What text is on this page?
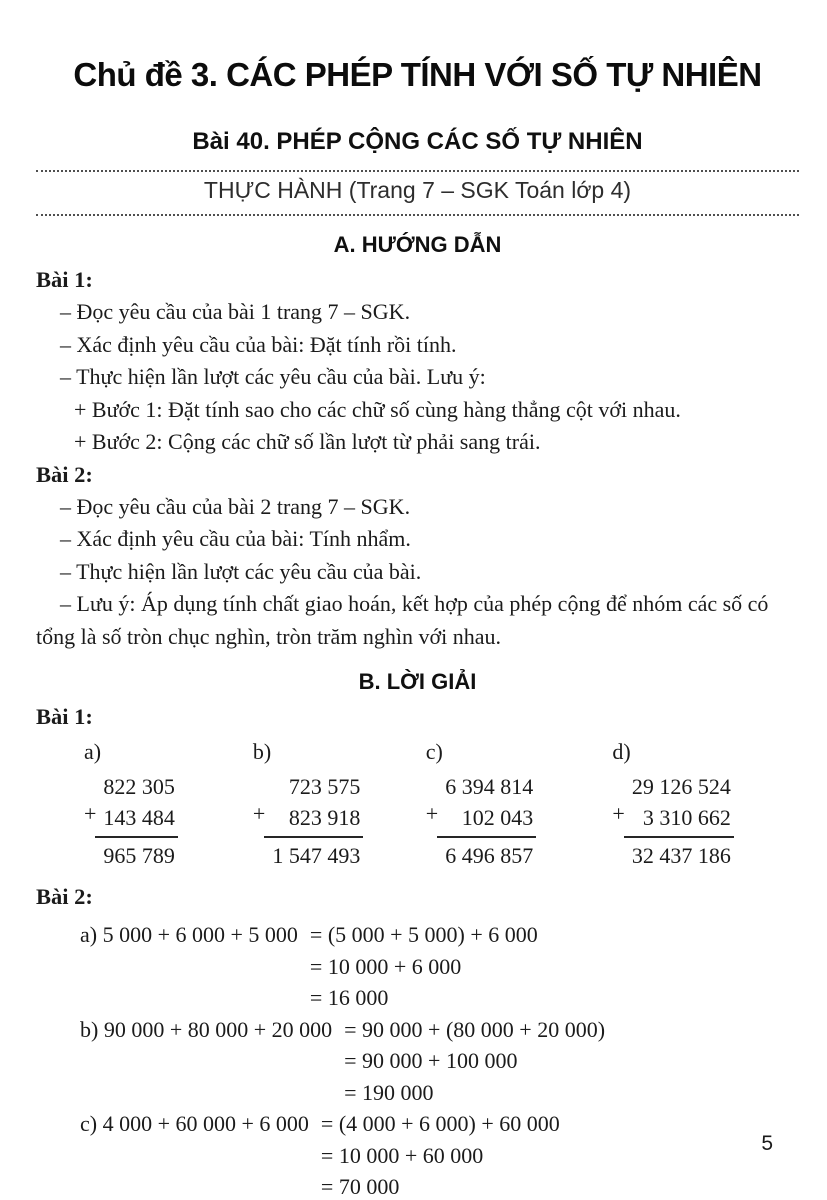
Chủ đề 3. CÁC PHÉP TÍNH VỚI SỐ TỰ NHIÊN
Bài 40. PHÉP CỘNG CÁC SỐ TỰ NHIÊN
THỰC HÀNH (Trang 7 – SGK Toán lớp 4)
A. HƯỚNG DẪN

Bài 1:

– Đọc yêu cầu của bài 1 trang 7 – SGK.

– Xác định yêu cầu của bài: Đặt tính rồi tính.

– Thực hiện lần lượt các yêu cầu của bài. Lưu ý:

+ Bước 1: Đặt tính sao cho các chữ số cùng hàng thẳng cột với nhau.

+ Bước 2: Cộng các chữ số lần lượt từ phải sang trái.

Bài 2:

– Đọc yêu cầu của bài 2 trang 7 – SGK.

– Xác định yêu cầu của bài: Tính nhẩm.

– Thực hiện lần lượt các yêu cầu của bài.

– Lưu ý: Áp dụng tính chất giao hoán, kết hợp của phép cộng để nhóm các số có tổng là số tròn chục nghìn, tròn trăm nghìn với nhau.

B. LỜI GIẢI

Bài 1:

a)
+
822 305
143 484
965 789
b)
+
723 575
823 918
1 547 493
c)
+
6 394 814
102 043
6 496 857
d)
+
29 126 524
3 310 662
32 437 186

Bài 2:

a) 5 000 + 6 000 + 5 000 = (5 000 + 5 000) + 6 000
= 10 000 + 6 000
= 16 000
b) 90 000 + 80 000 + 20 000 = 90 000 + (80 000 + 20 000)
= 90 000 + 100 000
= 190 000
c) 4 000 + 60 000 + 6 000 = (4 000 + 6 000) + 60 000
= 10 000 + 60 000
= 70 000
5
